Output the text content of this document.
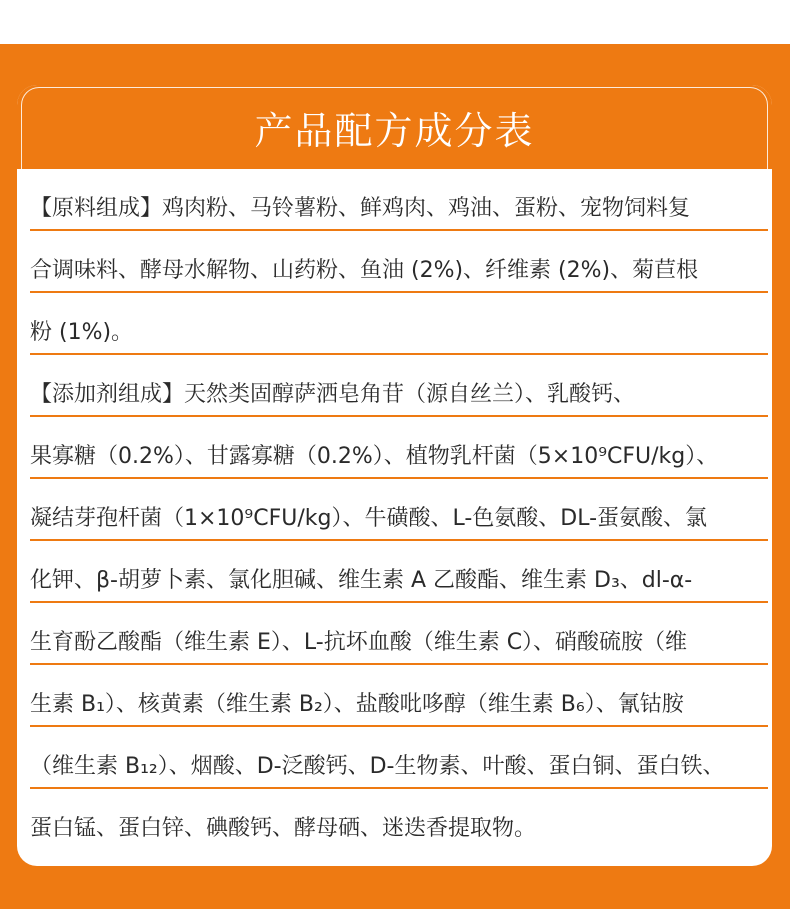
产品配方成分表
【原料组成】鸡肉粉、马铃薯粉、鲜鸡肉、鸡油、蛋粉、宠物饲料复
合调味料、酵母水解物、山药粉、鱼油 (2%)、纤维素 (2%)、菊苣根
粉 (1%)。
【添加剂组成】天然类固醇萨洒皂角苷（源自丝兰）、乳酸钙、
果寡糖（0.2%）、甘露寡糖（0.2%）、植物乳杆菌（5×10⁹CFU/kg）、
凝结芽孢杆菌（1×10⁹CFU/kg）、牛磺酸、L-色氨酸、DL-蛋氨酸、氯
化钾、β-胡萝卜素、氯化胆碱、维生素 A 乙酸酯、维生素 D₃、dl-α-
生育酚乙酸酯（维生素 E）、L-抗坏血酸（维生素 C）、硝酸硫胺（维
生素 B₁）、核黄素（维生素 B₂）、盐酸吡哆醇（维生素 B₆）、氰钴胺
（维生素 B₁₂）、烟酸、D-泛酸钙、D-生物素、叶酸、蛋白铜、蛋白铁、
蛋白锰、蛋白锌、碘酸钙、酵母硒、迷迭香提取物。
